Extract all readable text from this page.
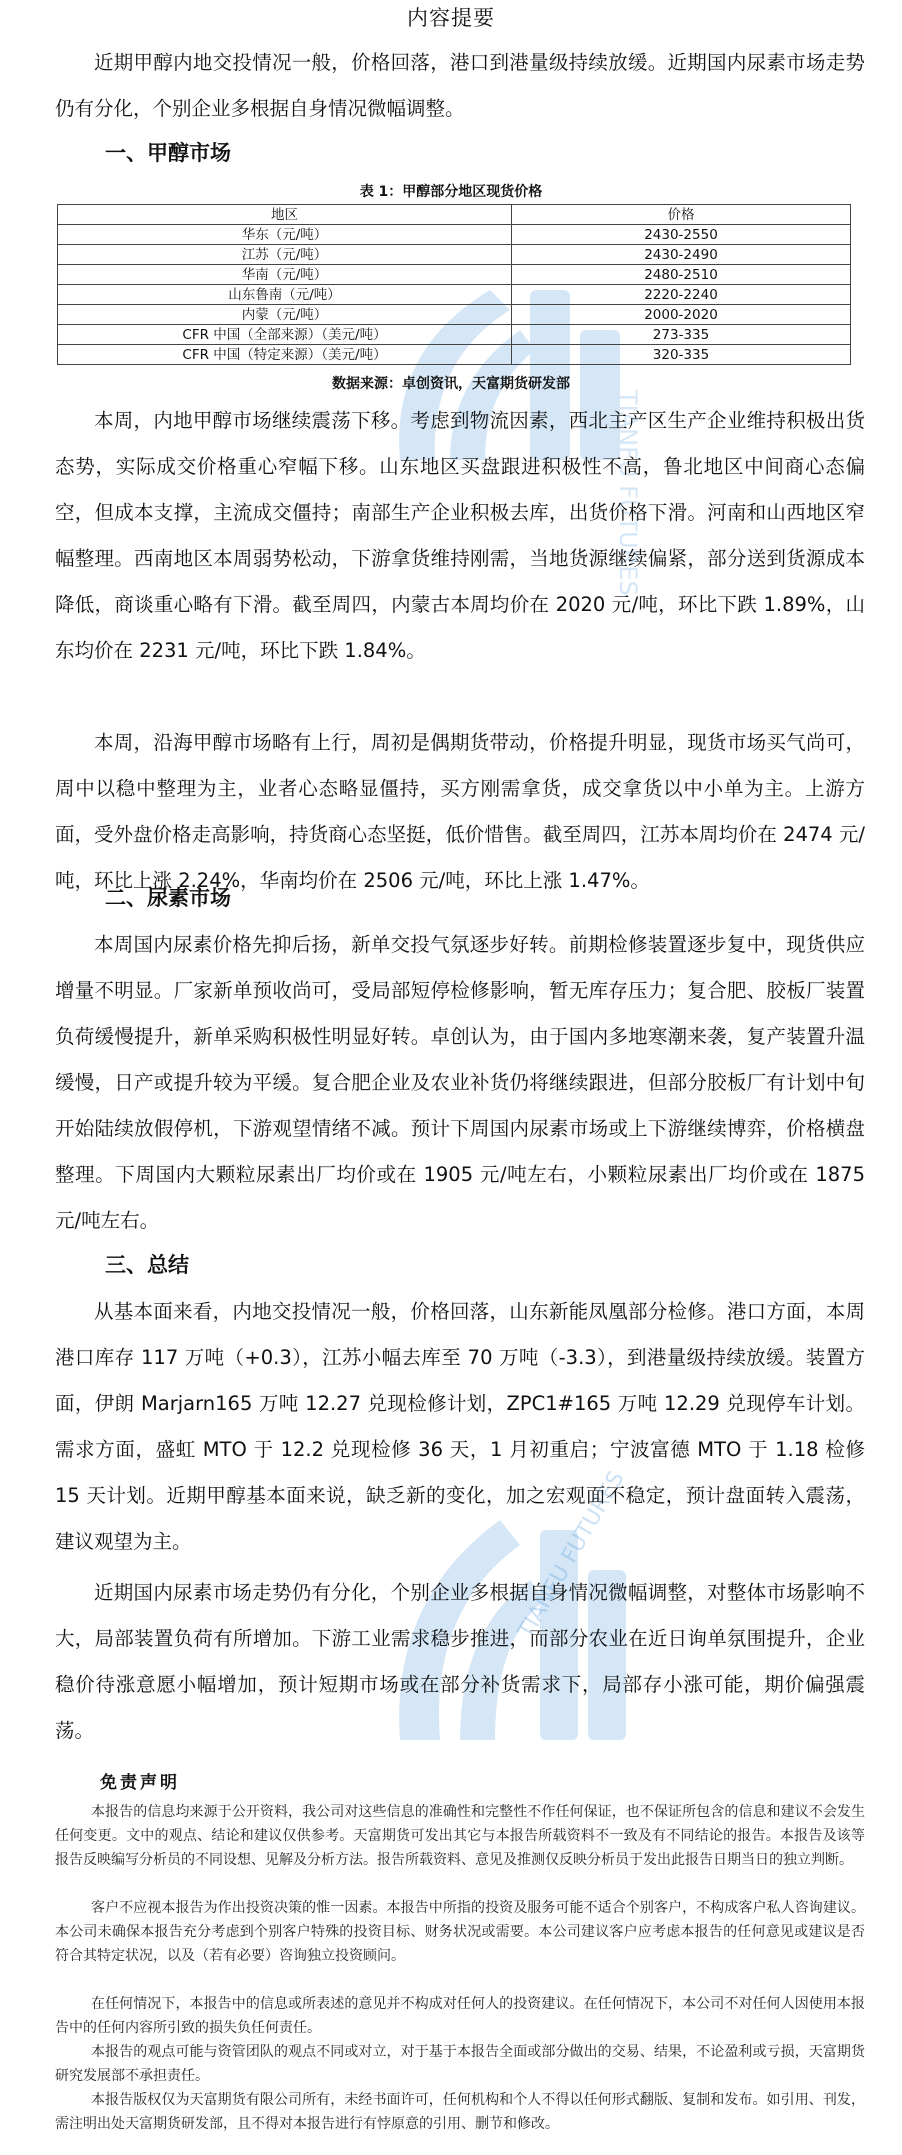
TIANFU FUTURES
TIANFU FUTURES
内容提要

近期甲醇内地交投情况一般，价格回落，港口到港量级持续放缓。近期国内尿素市场走势仍有分化，个别企业多根据自身情况微幅调整。

一、甲醇市场
表 1：甲醇部分地区现货价格
地区	价格
华东（元/吨）	2430-2550
江苏（元/吨）	2430-2490
华南（元/吨）	2480-2510
山东鲁南（元/吨）	2220-2240
内蒙（元/吨）	2000-2020
CFR 中国（全部来源）（美元/吨）	273-335
CFR 中国（特定来源）（美元/吨）	320-335
数据来源：卓创资讯，天富期货研发部

本周，内地甲醇市场继续震荡下移。考虑到物流因素，西北主产区生产企业维持积极出货态势，实际成交价格重心窄幅下移。山东地区买盘跟进积极性不高，鲁北地区中间商心态偏空，但成本支撑，主流成交僵持；南部生产企业积极去库，出货价格下滑。河南和山西地区窄幅整理。西南地区本周弱势松动，下游拿货维持刚需，当地货源继续偏紧，部分送到货源成本降低，商谈重心略有下滑。截至周四，内蒙古本周均价在 2020 元/吨，环比下跌 1.89%，山东均价在 2231 元/吨，环比下跌 1.84%。

本周，沿海甲醇市场略有上行，周初是偶期货带动，价格提升明显，现货市场买气尚可，周中以稳中整理为主，业者心态略显僵持，买方刚需拿货，成交拿货以中小单为主。上游方面，受外盘价格走高影响，持货商心态坚挺，低价惜售。截至周四，江苏本周均价在 2474 元/吨，环比上涨 2.24%，华南均价在 2506 元/吨，环比上涨 1.47%。

二、尿素市场

本周国内尿素价格先抑后扬，新单交投气氛逐步好转。前期检修装置逐步复中，现货供应增量不明显。厂家新单预收尚可，受局部短停检修影响，暂无库存压力；复合肥、胶板厂装置负荷缓慢提升，新单采购积极性明显好转。卓创认为，由于国内多地寒潮来袭，复产装置升温缓慢，日产或提升较为平缓。复合肥企业及农业补货仍将继续跟进，但部分胶板厂有计划中旬开始陆续放假停机，下游观望情绪不减。预计下周国内尿素市场或上下游继续博弈，价格横盘整理。下周国内大颗粒尿素出厂均价或在 1905 元/吨左右，小颗粒尿素出厂均价或在 1875 元/吨左右。

三、总结

从基本面来看，内地交投情况一般，价格回落，山东新能凤凰部分检修。港口方面，本周港口库存 117 万吨（+0.3），江苏小幅去库至 70 万吨（-3.3），到港量级持续放缓。装置方面，伊朗 Marjarn165 万吨 12.27 兑现检修计划，ZPC1#165 万吨 12.29 兑现停车计划。需求方面，盛虹 MTO 于 12.2 兑现检修 36 天，1 月初重启；宁波富德 MTO 于 1.18 检修 15 天计划。近期甲醇基本面来说，缺乏新的变化，加之宏观面不稳定，预计盘面转入震荡，建议观望为主。

近期国内尿素市场走势仍有分化，个别企业多根据自身情况微幅调整，对整体市场影响不大，局部装置负荷有所增加。下游工业需求稳步推进，而部分农业在近日询单氛围提升，企业稳价待涨意愿小幅增加，预计短期市场或在部分补货需求下，局部存小涨可能，期价偏强震荡。

免责声明

本报告的信息均来源于公开资料，我公司对这些信息的准确性和完整性不作任何保证，也不保证所包含的信息和建议不会发生任何变更。文中的观点、结论和建议仅供参考。天富期货可发出其它与本报告所载资料不一致及有不同结论的报告。本报告及该等报告反映编写分析员的不同设想、见解及分析方法。报告所载资料、意见及推测仅反映分析员于发出此报告日期当日的独立判断。

客户不应视本报告为作出投资决策的惟一因素。本报告中所指的投资及服务可能不适合个别客户，不构成客户私人咨询建议。本公司未确保本报告充分考虑到个别客户特殊的投资目标、财务状况或需要。本公司建议客户应考虑本报告的任何意见或建议是否符合其特定状况，以及（若有必要）咨询独立投资顾问。

在任何情况下，本报告中的信息或所表述的意见并不构成对任何人的投资建议。在任何情况下，本公司不对任何人因使用本报告中的任何内容所引致的损失负任何责任。

本报告的观点可能与资管团队的观点不同或对立，对于基于本报告全面或部分做出的交易、结果，不论盈利或亏损，天富期货研究发展部不承担责任。

本报告版权仅为天富期货有限公司所有，未经书面许可，任何机构和个人不得以任何形式翻版、复制和发布。如引用、刊发，需注明出处天富期货研发部，且不得对本报告进行有悖原意的引用、删节和修改。
